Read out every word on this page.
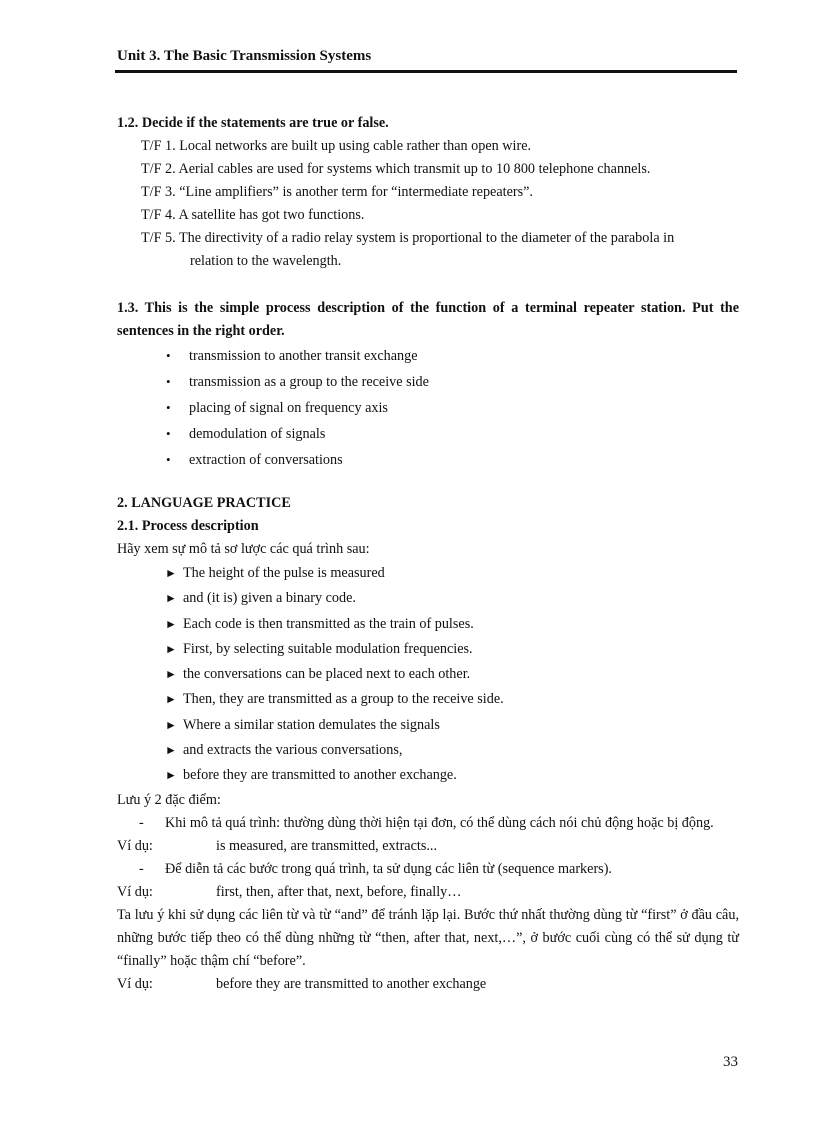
Unit 3. The Basic Transmission Systems
1.2. Decide if the statements are true or false.
T/F 1. Local networks are built up using cable rather than open wire.
T/F 2. Aerial cables are used for systems which transmit up to 10 800 telephone channels.
T/F 3. “Line amplifiers” is another term for “intermediate repeaters”.
T/F 4. A satellite has got two functions.
T/F 5. The directivity of a radio relay system is proportional to the diameter of the parabola in
relation to the wavelength.
1.3. This is the simple process description of the function of a terminal repeater station. Put the sentences in the right order.
• transmission to another transit exchange
• transmission as a group to the receive side
• placing of signal on frequency axis
• demodulation of signals
• extraction of conversations
2. LANGUAGE PRACTICE
2.1. Process description
Hãy xem sự mô tả sơ lược các quá trình sau:
► The height of the pulse is measured
► and (it is) given a binary code.
► Each code is then transmitted as the train of pulses.
► First, by selecting suitable modulation frequencies.
► the conversations can be placed next to each other.
► Then, they are transmitted as a group to the receive side.
► Where a similar station demulates the signals
► and extracts the various conversations,
► before they are transmitted to another exchange.
Lưu ý 2 đặc điểm:
-	Khi mô tả quá trình: thường dùng thời hiện tại đơn, có thể dùng cách nói chủ động hoặc bị động.
Ví dụ:	is measured, are transmitted, extracts...
-	Để diễn tả các bước trong quá trình, ta sử dụng các liên từ (sequence markers).
Ví dụ:	first, then, after that, next, before, finally…
Ta lưu ý khi sử dụng các liên từ và từ “and” để tránh lặp lại. Bước thứ nhất thường dùng từ “first” ở đầu câu, những bước tiếp theo có thể dùng những từ “then, after that, next,…”, ở bước cuối cùng có thể sử dụng từ “finally” hoặc thậm chí “before”.
Ví dụ:	before they are transmitted to another exchange
33
